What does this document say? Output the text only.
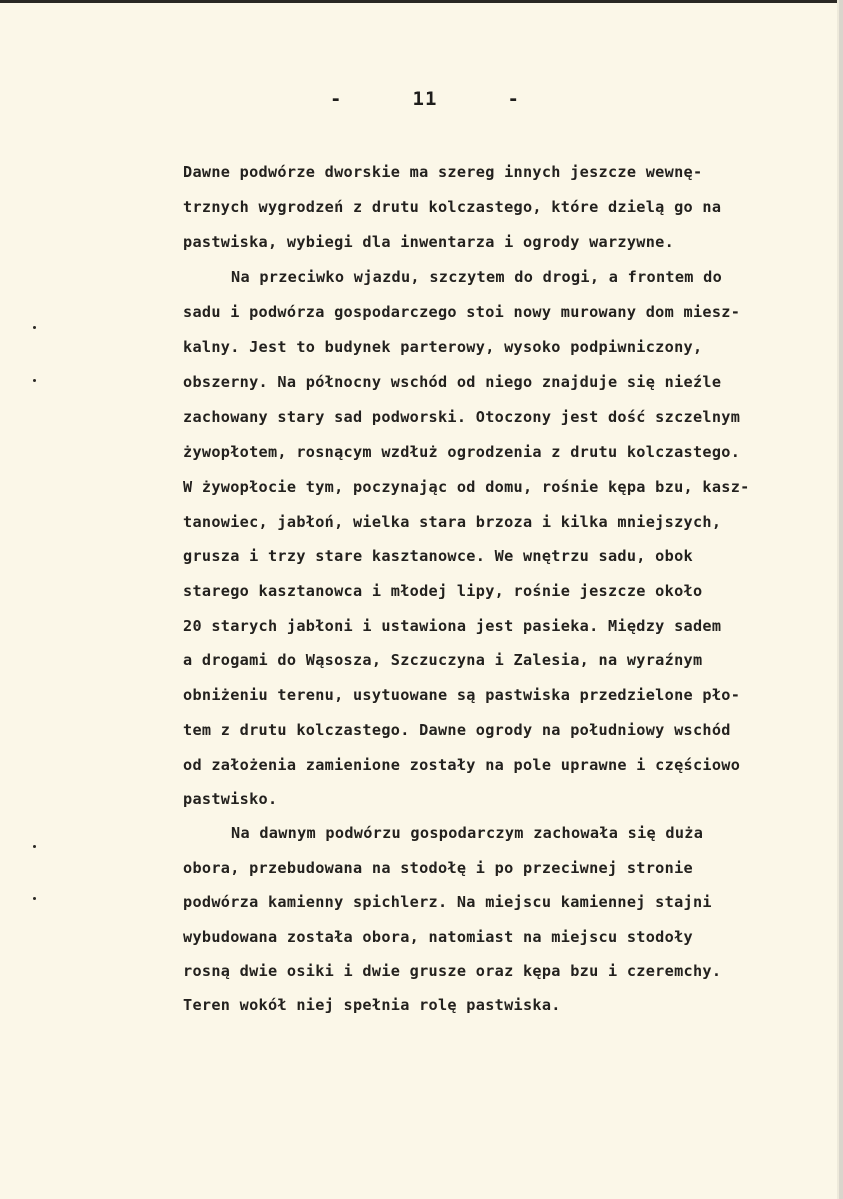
-	11	-
Dawne podwórze dworskie ma szereg innych jeszcze wewnę-
trznych wygrodzeń z drutu kolczastego, które dzielą go na
pastwiska, wybiegi dla inwentarza i ogrody warzywne.
Na przeciwko wjazdu, szczytem do drogi, a frontem do
sadu i podwórza gospodarczego stoi nowy murowany dom miesz-
kalny. Jest to budynek parterowy, wysoko podpiwniczony,
obszerny. Na północny wschód od niego znajduje się nieźle
zachowany stary sad podworski. Otoczony jest dość szczelnym
żywopłotem, rosnącym wzdłuż ogrodzenia z drutu kolczastego.
W żywopłocie tym, poczynając od domu, rośnie kępa bzu, kasz-
tanowiec, jabłoń, wielka stara brzoza i kilka mniejszych,
grusza i trzy stare kasztanowce. We wnętrzu sadu, obok
starego kasztanowca i młodej lipy, rośnie jeszcze około
20 starych jabłoni i ustawiona jest pasieka. Między sadem
a drogami do Wąsosza, Szczuczyna i Zalesia, na wyraźnym
obniżeniu terenu, usytuowane są pastwiska przedzielone pło-
tem z drutu kolczastego. Dawne ogrody na południowy wschód
od założenia zamienione zostały na pole uprawne i częściowo
pastwisko.
Na dawnym podwórzu gospodarczym zachowała się duża
obora, przebudowana na stodołę i po przeciwnej stronie
podwórza kamienny spichlerz. Na miejscu kamiennej stajni
wybudowana została obora, natomiast na miejscu stodoły
rosną dwie osiki i dwie grusze oraz kępa bzu i czeremchy.
Teren wokół niej spełnia rolę pastwiska.
